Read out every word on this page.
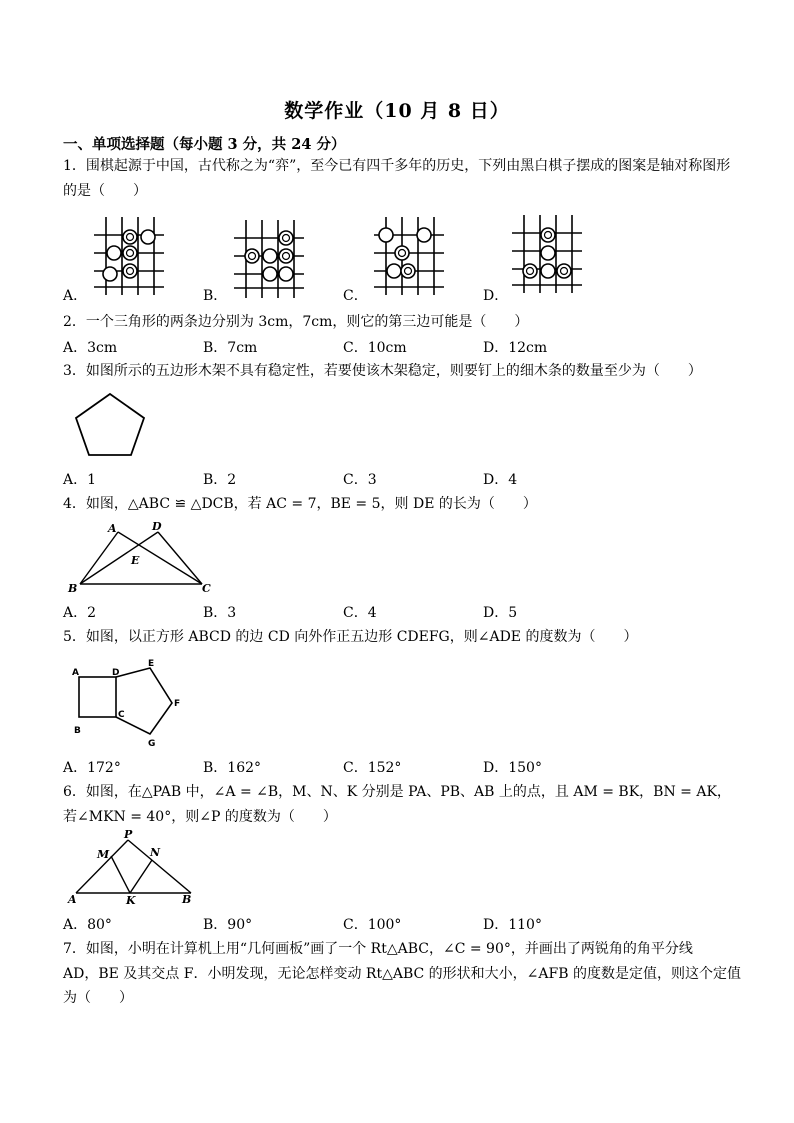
数学作业（10 月 8 日）
一、单项选择题（每小题 3 分，共 24 分）
1．围棋起源于中国，古代称之为“弈”，至今已有四千多年的历史，下列由黑白棋子摆成的图案是轴对称图形
的是（　　）
A．	B．	C．	D．
2．一个三角形的两条边分别为 3cm，7cm，则它的第三边可能是（　　）
A．3cm	B．7cm	C．10cm	D．12cm
3．如图所示的五边形木架不具有稳定性，若要使该木架稳定，则要钉上的细木条的数量至少为（　　）
A．1	B．2	C．3	D．4
4．如图，△ABC ≌ △DCB，若 AC = 7，BE = 5，则 DE 的长为（　　）
A	D
E
B	C
A．2	B．3	C．4	D．5
5．如图，以正方形 ABCD 的边 CD 向外作正五边形 CDEFG，则∠ADE 的度数为（　　）
A	D
E
F
B
C
G
A．172°	B．162°	C．152°	D．150°
6．如图，在△PAB 中，∠A = ∠B，M、N、K 分别是 PA、PB、AB 上的点，且 AM = BK，BN = AK，
若∠MKN = 40°，则∠P 的度数为（　　）
P
M	N
A	K	B
A．80°	B．90°	C．100°	D．110°
7．如图，小明在计算机上用“几何画板”画了一个 Rt△ABC，∠C = 90°，并画出了两锐角的角平分线
AD，BE 及其交点 F．小明发现，无论怎样变动 Rt△ABC 的形状和大小，∠AFB 的度数是定值，则这个定值
为（　　）
